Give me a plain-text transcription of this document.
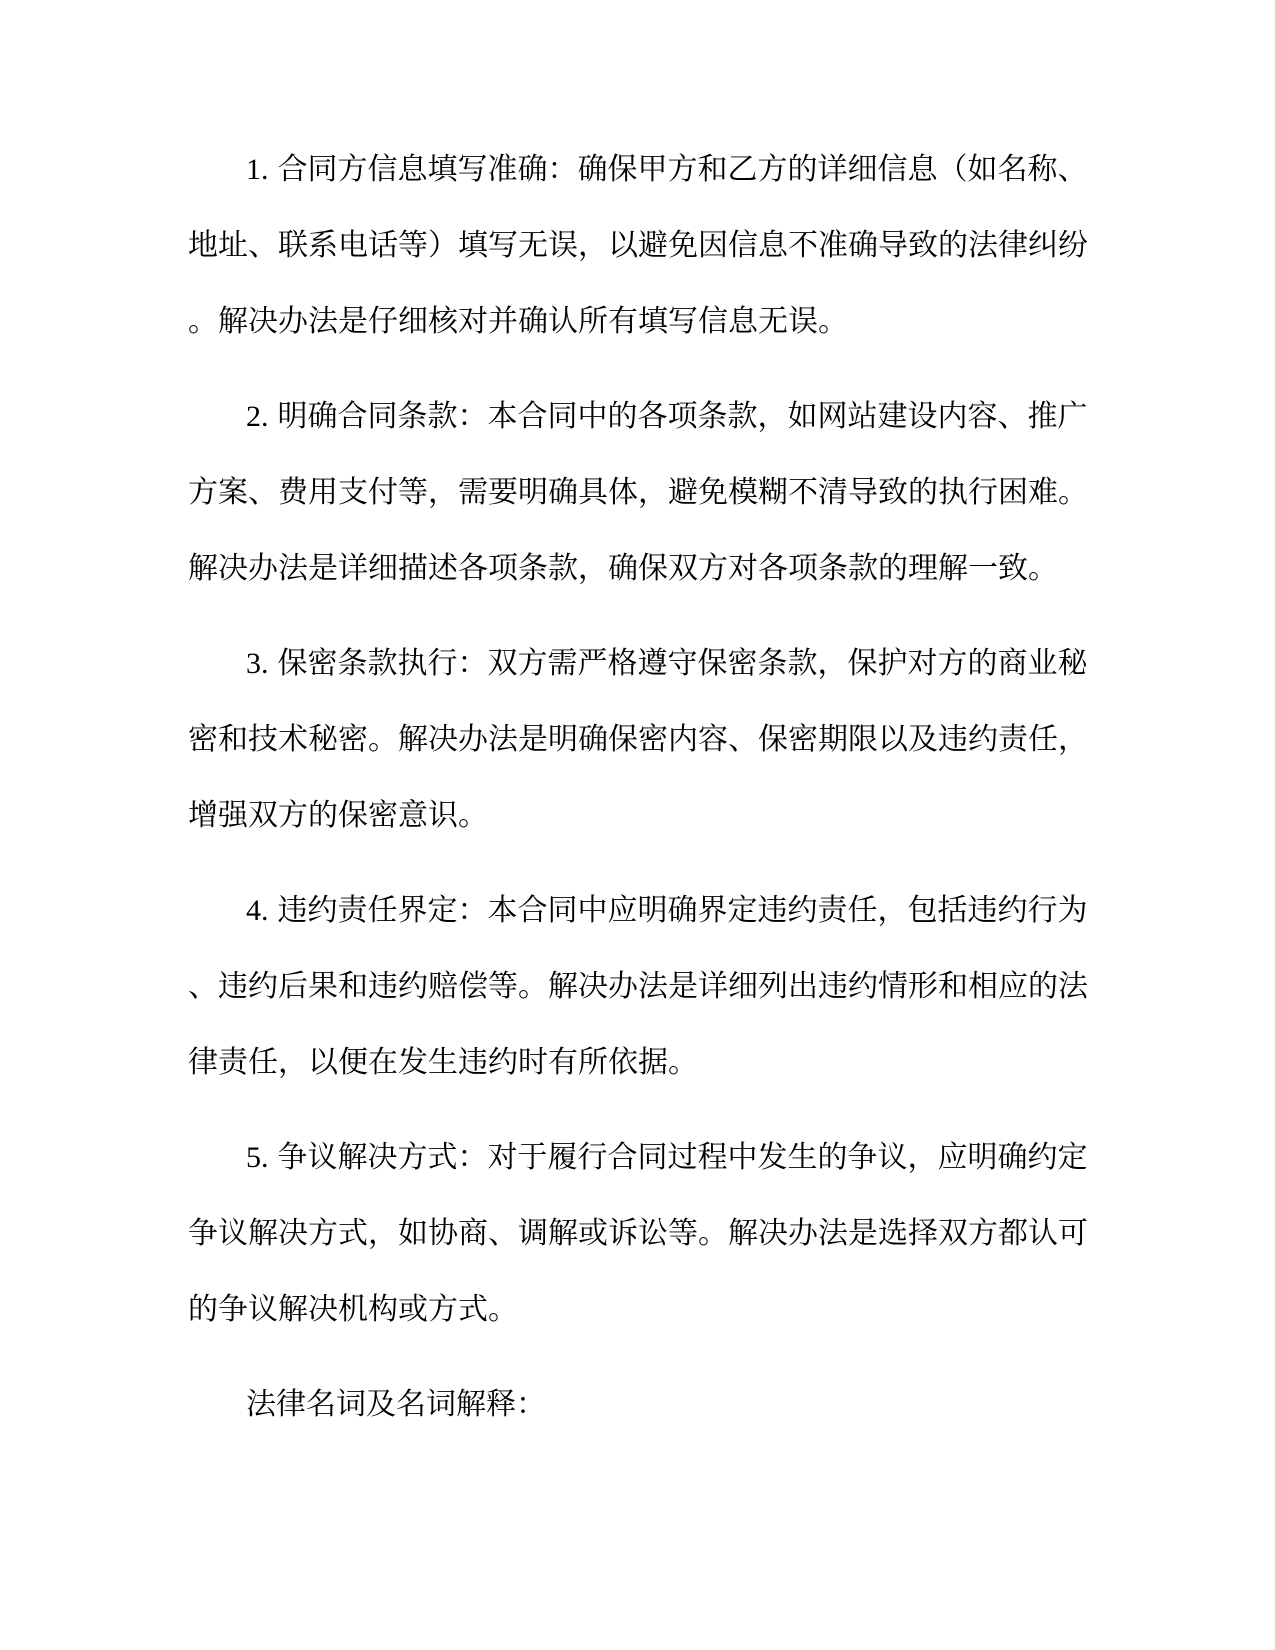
1. 合同方信息填写准确：确保甲方和乙方的详细信息（如名称、
地址、联系电话等）填写无误，以避免因信息不准确导致的法律纠纷
。解决办法是仔细核对并确认所有填写信息无误。
2. 明确合同条款：本合同中的各项条款，如网站建设内容、推广
方案、费用支付等，需要明确具体，避免模糊不清导致的执行困难。
解决办法是详细描述各项条款，确保双方对各项条款的理解一致。
3. 保密条款执行：双方需严格遵守保密条款，保护对方的商业秘
密和技术秘密。解决办法是明确保密内容、保密期限以及违约责任，
增强双方的保密意识。
4. 违约责任界定：本合同中应明确界定违约责任，包括违约行为
、违约后果和违约赔偿等。解决办法是详细列出违约情形和相应的法
律责任，以便在发生违约时有所依据。
5. 争议解决方式：对于履行合同过程中发生的争议，应明确约定
争议解决方式，如协商、调解或诉讼等。解决办法是选择双方都认可
的争议解决机构或方式。
法律名词及名词解释：
